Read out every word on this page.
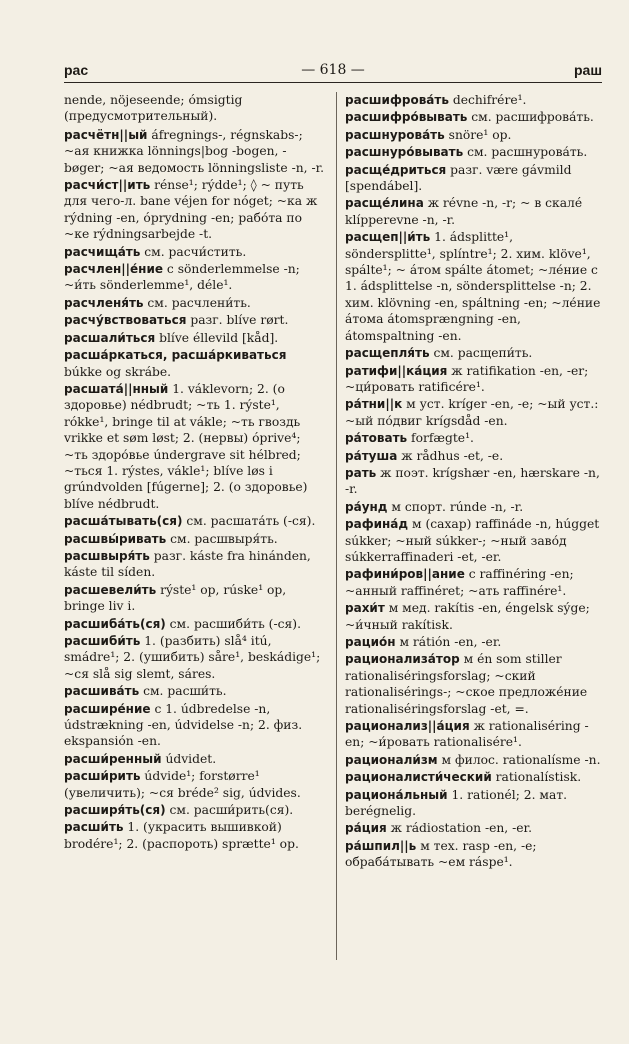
рас	— 618 —	раш
nende, nöjeseende; ómsigtig (предусмотрительный).
расчётн||ый áfregnings-, régnskabs-; ~ая книжка lönnings|bog -bogen, -bøger; ~ая ведомость lönningsliste -n, -r.
расчи́ст||ить rénse¹; rýdde¹; ◊ ~ путь для чего-л. bane véjen for nóget; ~ка ж rýdning -en, óprydning -en; рабо́та по ~ке rýdningsarbejde -t.
расчища́ть см. расчи́стить.
расчлен||е́ние с sönderlemmelse -n; ~и́ть sönderlemme¹, déle¹.
расчленя́ть см. расчлени́ть.
расчу́вствоваться разг. blíve rørt.
расшали́ться blíve éllevild [kåd].
расша́ркаться, расша́ркиваться búkke og skrábe.
расшата́||нный 1. váklevorn; 2. (о здоровье) nédbrudt; ~ть 1. rýste¹, rókke¹, bringe til at vákle; ~ть гвоздь vrikke et søm løst; 2. (нервы) óprive⁴; ~ть здоро́вье úndergrave sit hélbred; ~ться 1. rýstes, vákle¹; blíve løs i grúndvolden [fúgerne]; 2. (о здоровье) blíve nédbrudt.
расша́тывать(ся) см. расшата́ть (-ся).
расшвы́ривать см. расшвыря́ть.
расшвыря́ть разг. káste fra hinánden, káste til síden.
расшевели́ть rýste¹ op, rúske¹ op, bringe liv i.
расшиба́ть(ся) см. расшиби́ть (-ся).
расшиби́ть 1. (разбить) slå⁴ itú, smádre¹; 2. (ушибить) såre¹, beskádige¹; ~ся slå sig slemt, sáres.
расшива́ть см. расши́ть.
расшире́ние с 1. údbredelse -n, údstrækning -en, údvidelse -n; 2. физ. ekspansión -en.
расши́ренный údvidet.
расши́рить údvide¹; forstørre¹ (увеличить); ~ся bréde² sig, údvides.
расширя́ть(ся) см. расши́рить(ся).
расши́ть 1. (украсить вышивкой) brodére¹; 2. (распороть) sprætte¹ op.
расшифрова́ть dechifrére¹.
расшифро́вывать см. расшифрова́ть.
расшнурова́ть snöre¹ op.
расшнуро́вывать см. расшнурова́ть.
расще́дриться разг. være gávmild [spendábel].
расще́лина ж révne -n, -r; ~ в скалé klípperevne -n, -r.
расщеп||и́ть 1. ádsplitte¹, söndersplitte¹, splíntre¹; 2. хим. klöve¹, spálte¹; ~ áтом spálte átomet; ~ле́ние с 1. ádsplittelse -n, söndersplittelse -n; 2. хим. klövning -en, spáltning -en; ~ле́ние áтома átomsprængning -en, átomspaltning -en.
расщепля́ть см. расщепи́ть.
ратифи||ка́ция ж ratifikation -en, -er; ~ци́ровать ratificére¹.
ра́тни||к м уст. kríger -en, -e; ~ый уст.: ~ый по́двиг krígsdåd -en.
ра́товать forfægte¹.
ра́туша ж rådhus -et, -e.
рать ж поэт. krígshær -en, hærskare -n, -r.
ра́унд м спорт. rúnde -n, -r.
рафина́д м (сахар) raffináde -n, húgget súkker; ~ный súkker-; ~ный заво́д súkkerraffinaderi -et, -er.
рафини́ров||ание с raffinéring -en; ~анный raffinéret; ~ать raffinére¹.
рахи́т м мед. rakítis -en, éngelsk sýge; ~и́чный rakítisk.
рацио́н м rátión -en, -er.
рационализа́тор м én som stiller rationaliséringsforslag; ~ский rationalisérings-; ~ское предложе́ние rationaliséringsforslag -et, =.
рационализ||а́ция ж rationaliséring -en; ~и́ровать rationalisére¹.
рационали́зм м филос. rationalísme -n.
рационалисти́ческий rationalístisk.
рациона́льный 1. rationél; 2. мат. berégnelig.
ра́ция ж rádiostation -en, -er.
ра́шпил||ь м тех. rasp -en, -e; обраба́тывать ~ем ráspe¹.
